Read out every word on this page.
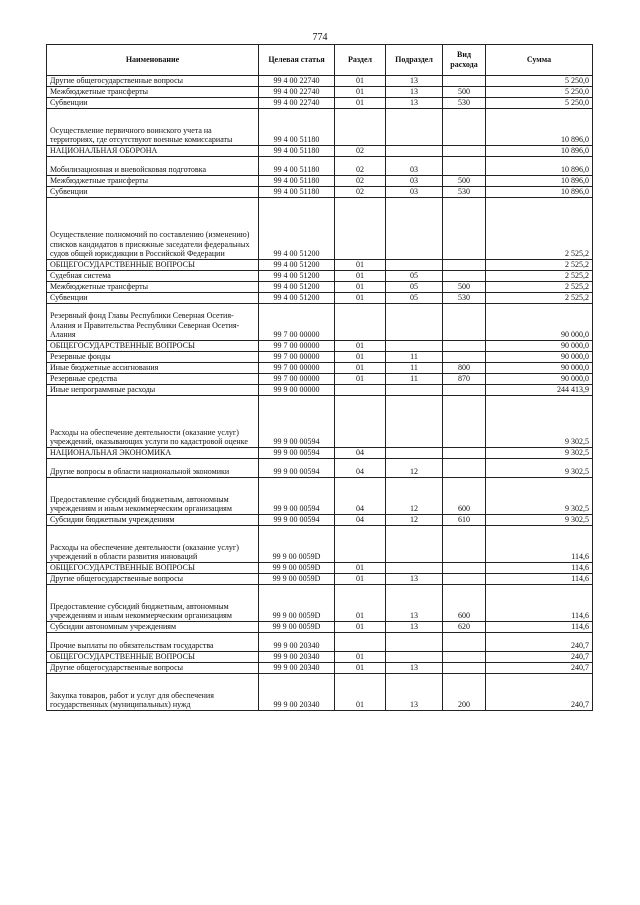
774
Наименование	Целевая статья	Раздел	Подраздел	Вид расхода	Сумма
Другие общегосударственные вопросы	99 4 00 22740	01	13		5 250,0
Межбюджетные трансферты	99 4 00 22740	01	13	500	5 250,0
Субвенции	99 4 00 22740	01	13	530	5 250,0
Осуществление первичного воинского учета на территориях, где отсутствуют военные комиссариаты	99 4 00 51180				10 896,0
НАЦИОНАЛЬНАЯ ОБОРОНА	99 4 00 51180	02			10 896,0
Мобилизационная и вневойсковая подготовка	99 4 00 51180	02	03		10 896,0
Межбюджетные трансферты	99 4 00 51180	02	03	500	10 896,0
Субвенции	99 4 00 51180	02	03	530	10 896,0
Осуществление полномочий по составлению (изменению) списков кандидатов в присяжные заседатели федеральных судов общей юрисдикции в Российской Федерации	99 4 00 51200				2 525,2
ОБЩЕГОСУДАРСТВЕННЫЕ ВОПРОСЫ	99 4 00 51200	01			2 525,2
Судебная система	99 4 00 51200	01	05		2 525,2
Межбюджетные трансферты	99 4 00 51200	01	05	500	2 525,2
Субвенции	99 4 00 51200	01	05	530	2 525,2
Резервный фонд Главы Республики Северная Осетия-Алания и Правительства Республики Северная Осетия-Алания	99 7 00 00000				90 000,0
ОБЩЕГОСУДАРСТВЕННЫЕ ВОПРОСЫ	99 7 00 00000	01			90 000,0
Резервные фонды	99 7 00 00000	01	11		90 000,0
Иные бюджетные ассигнования	99 7 00 00000	01	11	800	90 000,0
Резервные средства	99 7 00 00000	01	11	870	90 000,0
Иные непрограммные расходы	99 9 00 00000				244 413,9
Расходы на обеспечение деятельности (оказание услуг) учреждений, оказывающих услуги по кадастровой оценке	99 9 00 00594				9 302,5
НАЦИОНАЛЬНАЯ ЭКОНОМИКА	99 9 00 00594	04			9 302,5
Другие вопросы в области национальной экономики	99 9 00 00594	04	12		9 302,5
Предоставление субсидий бюджетным, автономным учреждениям и иным некоммерческим организациям	99 9 00 00594	04	12	600	9 302,5
Субсидии бюджетным учреждениям	99 9 00 00594	04	12	610	9 302,5
Расходы на обеспечение деятельности (оказание услуг) учреждений в области развития инноваций	99 9 00 0059D				114,6
ОБЩЕГОСУДАРСТВЕННЫЕ ВОПРОСЫ	99 9 00 0059D	01			114,6
Другие общегосударственные вопросы	99 9 00 0059D	01	13		114,6
Предоставление субсидий бюджетным, автономным учреждениям и иным некоммерческим организациям	99 9 00 0059D	01	13	600	114,6
Субсидии автономным учреждениям	99 9 00 0059D	01	13	620	114,6
Прочие выплаты по обязательствам государства	99 9 00 20340				240,7
ОБЩЕГОСУДАРСТВЕННЫЕ ВОПРОСЫ	99 9 00 20340	01			240,7
Другие общегосударственные вопросы	99 9 00 20340	01	13		240,7
Закупка товаров, работ и услуг для обеспечения государственных (муниципальных) нужд	99 9 00 20340	01	13	200	240,7
